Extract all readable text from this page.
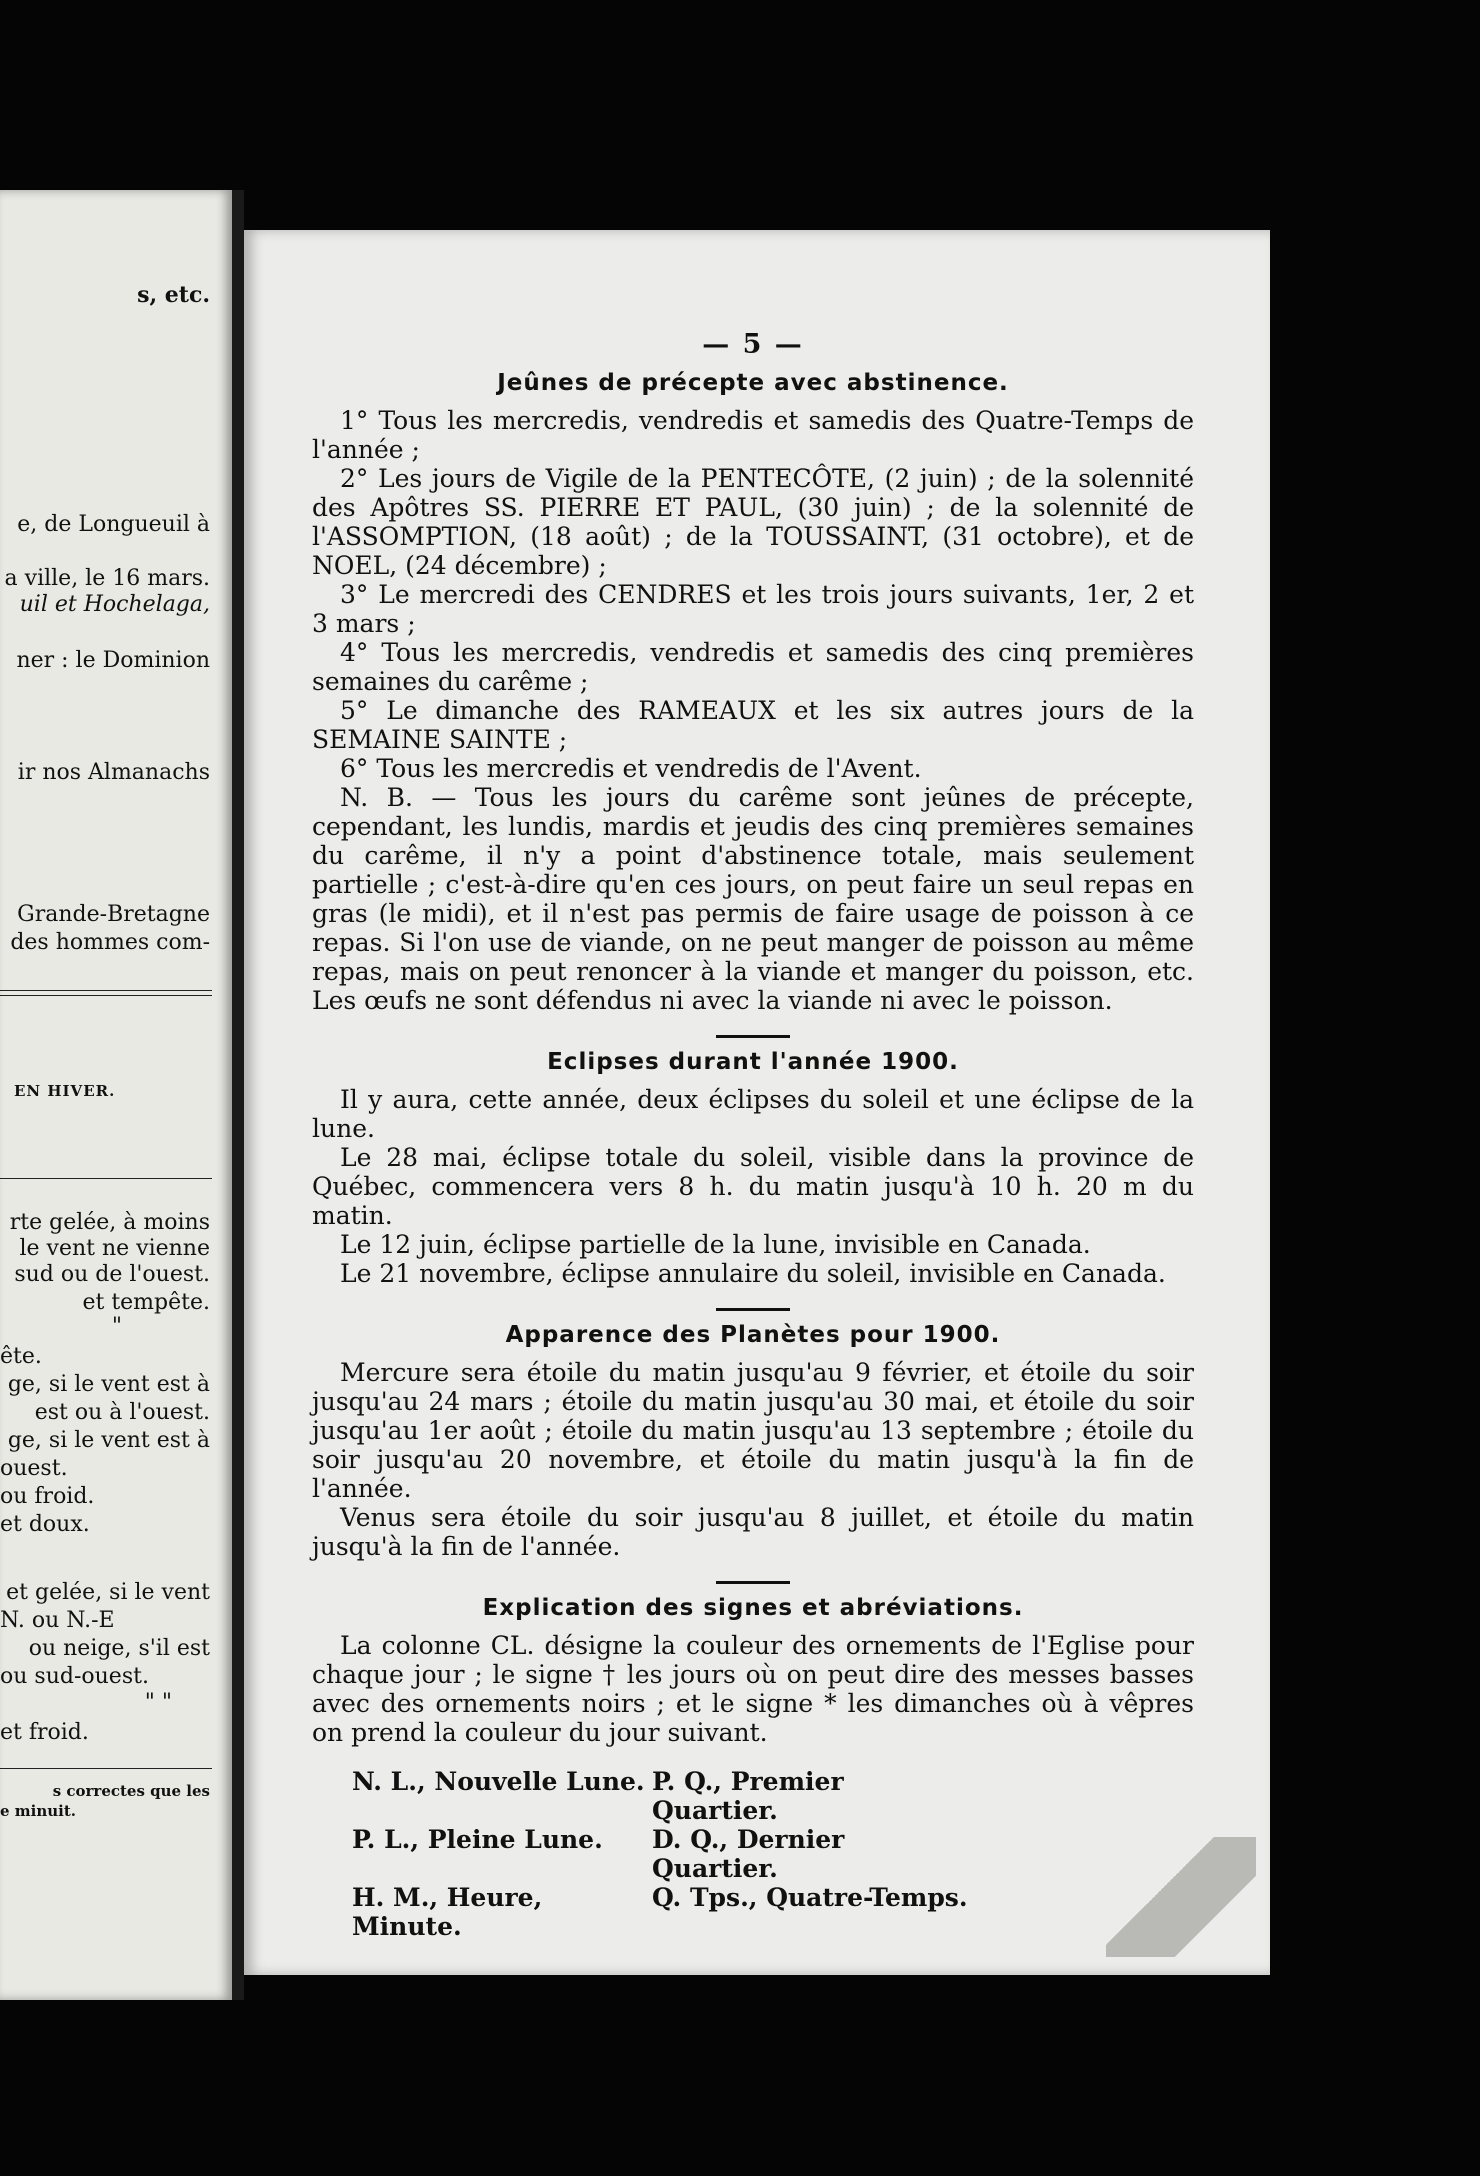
s, etc.
e, de Longueuil à
a ville, le 16 mars.
uil et Hochelaga,
ner : le Dominion
ir nos Almanachs
Grande-Bretagne
des hommes com-
EN HIVER.
rte gelée, à moins
le vent ne vienne
sud ou de l'ouest.
et tempête.
"
ête.
ge, si le vent est à
est ou à l'ouest.
ge, si le vent est à
ouest.
ou froid.
et doux.
et gelée, si le vent
N. ou N.-E
ou neige, s'il est
ou sud-ouest.
" "
et froid.
s correctes que les
e minuit.
— 5 —
Jeûnes de précepte avec abstinence.

1° Tous les mercredis, vendredis et samedis des Quatre-Temps de l'année ;

2° Les jours de Vigile de la PENTECÔTE, (2 juin) ; de la solennité des Apôtres SS. PIERRE ET PAUL, (30 juin) ; de la solennité de l'ASSOMPTION, (18 août) ; de la TOUSSAINT, (31 octobre), et de NOEL, (24 décembre) ;

3° Le mercredi des CENDRES et les trois jours suivants, 1er, 2 et 3 mars ;

4° Tous les mercredis, vendredis et samedis des cinq premières semaines du carême ;

5° Le dimanche des RAMEAUX et les six autres jours de la SEMAINE SAINTE ;

6° Tous les mercredis et vendredis de l'Avent.

N. B. — Tous les jours du carême sont jeûnes de précepte, cependant, les lundis, mardis et jeudis des cinq premières semaines du carême, il n'y a point d'abstinence totale, mais seulement partielle ; c'est-à-dire qu'en ces jours, on peut faire un seul repas en gras (le midi), et il n'est pas permis de faire usage de poisson à ce repas. Si l'on use de viande, on ne peut manger de poisson au même repas, mais on peut renoncer à la viande et manger du poisson, etc. Les œufs ne sont défendus ni avec la viande ni avec le poisson.

Eclipses durant l'année 1900.

Il y aura, cette année, deux éclipses du soleil et une éclipse de la lune.

Le 28 mai, éclipse totale du soleil, visible dans la province de Québec, commencera vers 8 h. du matin jusqu'à 10 h. 20 m du matin.

Le 12 juin, éclipse partielle de la lune, invisible en Canada.

Le 21 novembre, éclipse annulaire du soleil, invisible en Canada.

Apparence des Planètes pour 1900.

Mercure sera étoile du matin jusqu'au 9 février, et étoile du soir jusqu'au 24 mars ; étoile du matin jusqu'au 30 mai, et étoile du soir jusqu'au 1er août ; étoile du matin jusqu'au 13 septembre ; étoile du soir jusqu'au 20 novembre, et étoile du matin jusqu'à la fin de l'année.

Venus sera étoile du soir jusqu'au 8 juillet, et étoile du matin jusqu'à la fin de l'année.

Explication des signes et abréviations.

La colonne CL. désigne la couleur des ornements de l'Eglise pour chaque jour ; le signe † les jours où on peut dire des messes basses avec des ornements noirs ; et le signe * les dimanches où à vêpres on prend la couleur du jour suivant.

N. L., Nouvelle Lune. P. Q., Premier Quartier.
P. L., Pleine Lune.	D. Q., Dernier Quartier.
H. M., Heure, Minute.
Q. Tps., Quatre-Temps.
